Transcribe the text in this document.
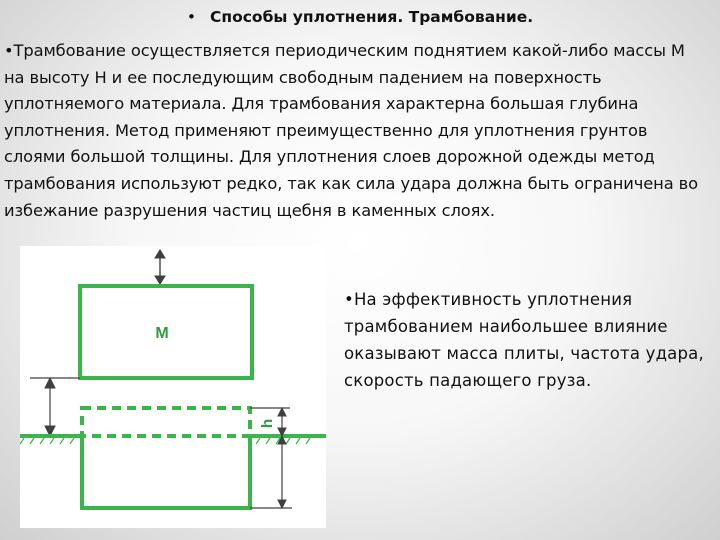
• Способы уплотнения. Трамбование.
•Трамбование осуществляется периодическим поднятием какой-либо массы М на высоту Н и ее последующим свободным падением на поверхность уплотняемого материала. Для трамбования характерна большая глубина уплотнения. Метод применяют преимущественно для уплотнения грунтов слоями большой толщины. Для уплотнения слоев дорожной одежды метод трамбования используют редко, так как сила удара должна быть ограничена во избежание разрушения частиц щебня в каменных слоях.
М
h
•На эффективность уплотнения трамбованием наибольшее влияние оказывают масса плиты, частота удара, скорость падающего груза.
